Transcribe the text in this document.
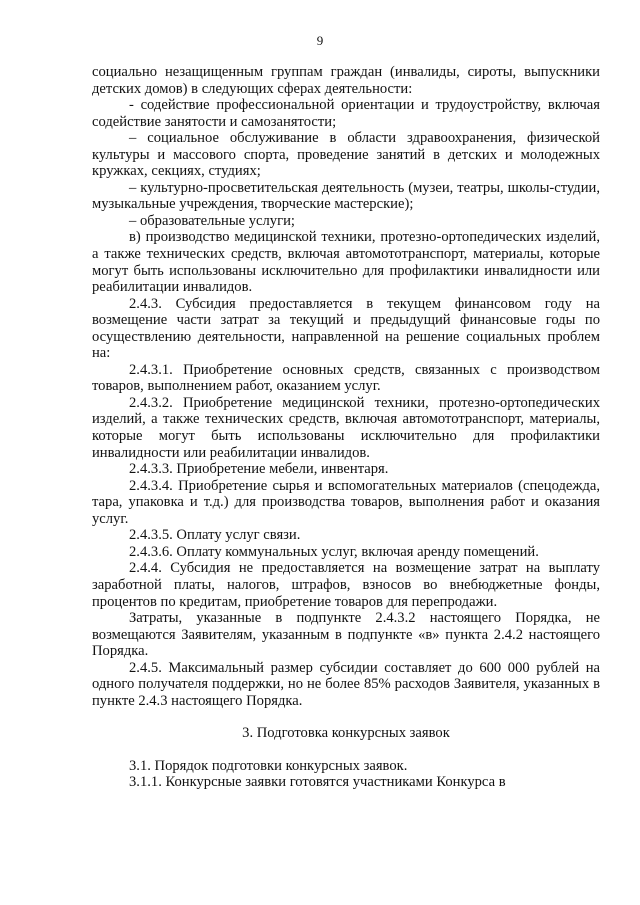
9

социально незащищенным группам граждан (инвалиды, сироты, выпускники детских домов) в следующих сферах деятельности:

- содействие профессиональной ориентации и трудоустройству, включая содействие занятости и самозанятости;

– социальное обслуживание в области здравоохранения, физической культуры и массового спорта, проведение занятий в детских и молодежных кружках, секциях, студиях;

– культурно-просветительская деятельность (музеи, театры, школы-студии, музыкальные учреждения, творческие мастерские);

– образовательные услуги;

в) производство медицинской техники, протезно-ортопедических изделий, а также технических средств, включая автомототранспорт, материалы, которые могут быть использованы исключительно для профилактики инвалидности или реабилитации инвалидов.

2.4.3. Субсидия предоставляется в текущем финансовом году на возмещение части затрат за текущий и предыдущий финансовые годы по осуществлению деятельности, направленной на решение социальных проблем на:

2.4.3.1. Приобретение основных средств, связанных с производством товаров, выполнением работ, оказанием услуг.

2.4.3.2. Приобретение медицинской техники, протезно-ортопедических изделий, а также технических средств, включая автомототранспорт, материалы, которые могут быть использованы исключительно для профилактики инвалидности или реабилитации инвалидов.

2.4.3.3. Приобретение мебели, инвентаря.

2.4.3.4. Приобретение сырья и вспомогательных материалов (спецодежда, тара, упаковка и т.д.) для производства товаров, выполнения работ и оказания услуг.

2.4.3.5. Оплату услуг связи.

2.4.3.6. Оплату коммунальных услуг, включая аренду помещений.

2.4.4. Субсидия не предоставляется на возмещение затрат на выплату заработной платы, налогов, штрафов, взносов во внебюджетные фонды, процентов по кредитам, приобретение товаров для перепродажи.

Затраты, указанные в подпункте 2.4.3.2 настоящего Порядка, не возмещаются Заявителям, указанным в подпункте «в» пункта 2.4.2 настоящего Порядка.

2.4.5. Максимальный размер субсидии составляет до 600 000 рублей на одного получателя поддержки, но не более 85% расходов Заявителя, указанных в пункте 2.4.3 настоящего Порядка.

3. Подготовка конкурсных заявок

3.1. Порядок подготовки конкурсных заявок.

3.1.1. Конкурсные заявки готовятся участниками Конкурса в
